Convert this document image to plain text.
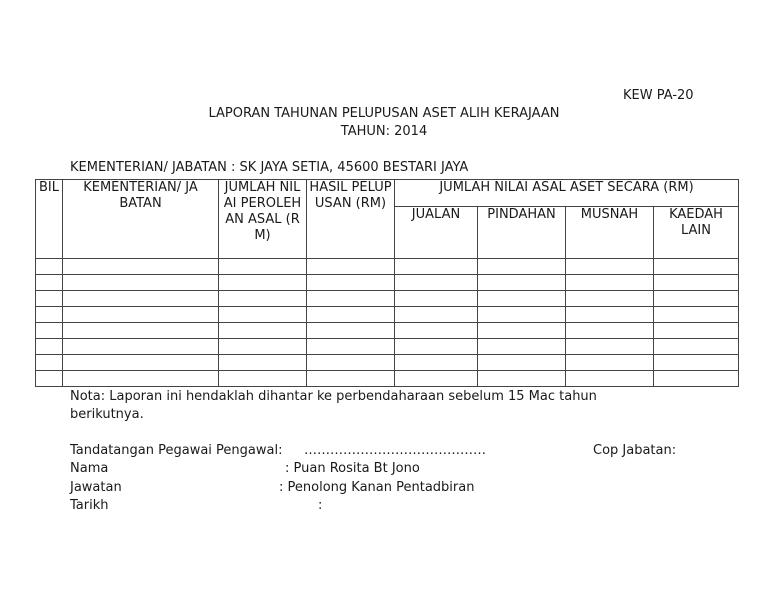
KEW PA-20
LAPORAN TAHUNAN PELUPUSAN ASET ALIH KERAJAAN
TAHUN: 2014
KEMENTERIAN/ JABATAN : SK JAYA SETIA, 45600 BESTARI JAYA
BIL	KEMENTERIAN/ JABATAN	JUMLAH NILAI PEROLEHAN ASAL (RM)	HASIL PELUPUSAN (RM)	JUMLAH NILAI ASAL ASET SECARA (RM)			
				JUALAN	PINDAHAN	MUSNAH	KAEDAH LAIN

Nota: Laporan ini hendaklah dihantar ke perbendaharaan sebelum 15 Mac tahun berikutnya.
Tandatangan Pegawai Pengawal: ……………………………………	Cop Jabatan:
Nama	: Puan Rosita Bt Jono
Jawatan	: Penolong Kanan Pentadbiran
Tarikh	:
